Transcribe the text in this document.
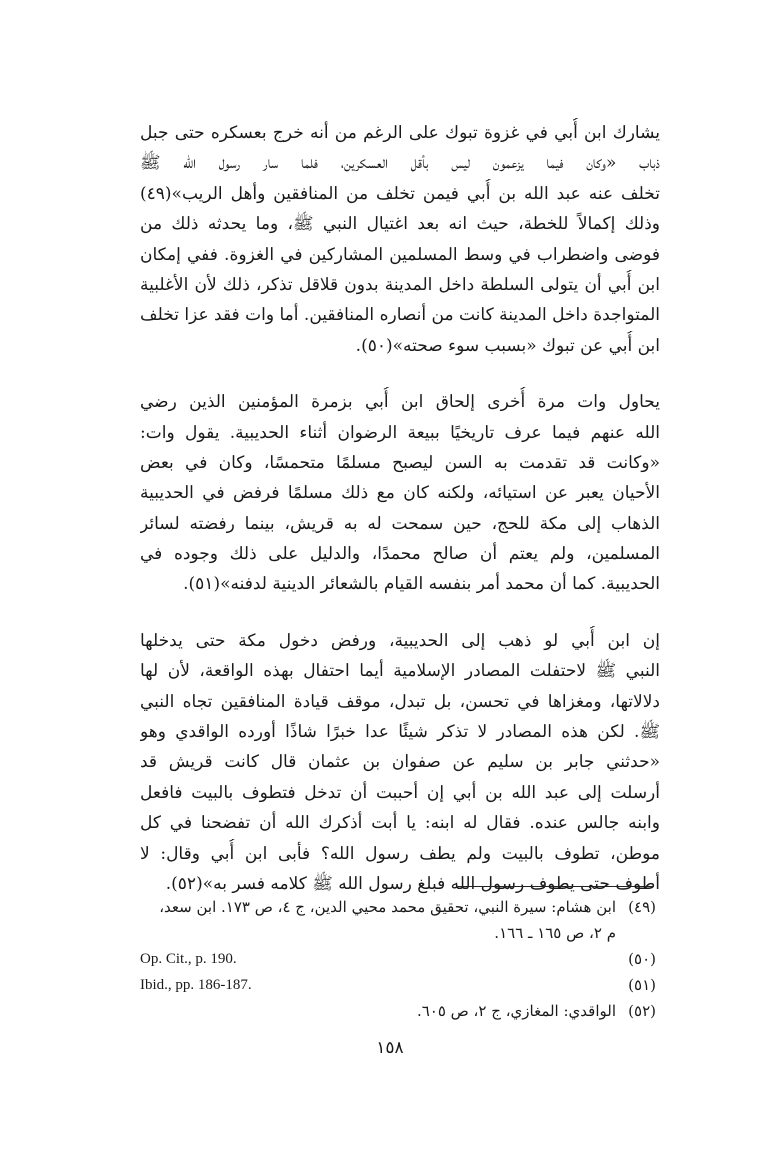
يشارك ابن أُبي في غزوة تبوك على الرغم من أنه خرج بعسكره حتى جبل
ذباب «وكان فيما يزعمون ليس بأقل العسكرين، فلما سار رسول الله ﷺ
تخلف عنه عبد الله بن أُبي فيمن تخلف من المنافقين وأهل الريب»(٤٩)
وذلك إكمالاً للخطة، حيث انه بعد اغتيال النبي ﷺ، وما يحدثه ذلك من
فوضى واضطراب في وسط المسلمين المشاركين في الغزوة. ففي إمكان
ابن أُبي أن يتولى السلطة داخل المدينة بدون قلاقل تذكر، ذلك لأن الأغلبية
المتواجدة داخل المدينة كانت من أنصاره المنافقين. أما وات فقد عزا تخلف
ابن أُبي عن تبوك «بسبب سوء صحته»(٥٠).
يحاول وات مرة أُخرى إلحاق ابن أُبي بزمرة المؤمنين الذين رضي
الله عنهم فيما عرف تاريخيًا ببيعة الرضوان أثناء الحديبية. يقول وات:
«وكانت قد تقدمت به السن ليصبح مسلمًا متحمسًا، وكان في بعض
الأحيان يعبر عن استيائه، ولكنه كان مع ذلك مسلمًا فرفض في الحديبية
الذهاب إلى مكة للحج، حين سمحت له به قريش، بينما رفضته لسائر
المسلمين، ولم يعتم أن صالح محمدًا، والدليل على ذلك وجوده في
الحديبية. كما أن محمد أمر بنفسه القيام بالشعائر الدينية لدفنه»(٥١).
إن ابن أُبي لو ذهب إلى الحديبية، ورفض دخول مكة حتى يدخلها
النبي ﷺ لاحتفلت المصادر الإسلامية أيما احتفال بهذه الواقعة، لأن لها
دلالاتها، ومغزاها في تحسن، بل تبدل، موقف قيادة المنافقين تجاه النبي
ﷺ. لكن هذه المصادر لا تذكر شيئًا عدا خبرًا شاذًا أورده الواقدي وهو
«حدثني جابر بن سليم عن صفوان بن عثمان قال كانت قريش قد
أرسلت إلى عبد الله بن أبي إن أحببت أن تدخل فتطوف بالبيت فافعل
وابنه جالس عنده. فقال له ابنه: يا أبت أذكرك الله أن تفضحنا في كل
موطن، تطوف بالبيت ولم يطف رسول الله؟ فأبى ابن أُبي وقال: لا
أطوف حتى يطوف رسول الله فبلغ رسول الله ﷺ كلامه فسر به»(٥٢).
(٤٩)ابن هشام: سيرة النبي، تحقيق محمد محيي الدين، ج ٤، ص ١٧٣. ابن سعد،
م ٢، ص ١٦٥ ـ ١٦٦.
Op. Cit., p. 190.	(٥٠)
Ibid., pp. 186-187.	(٥١)
(٥٢)الواقدي: المغازي، ج ٢، ص ٦٠٥.
١٥٨
